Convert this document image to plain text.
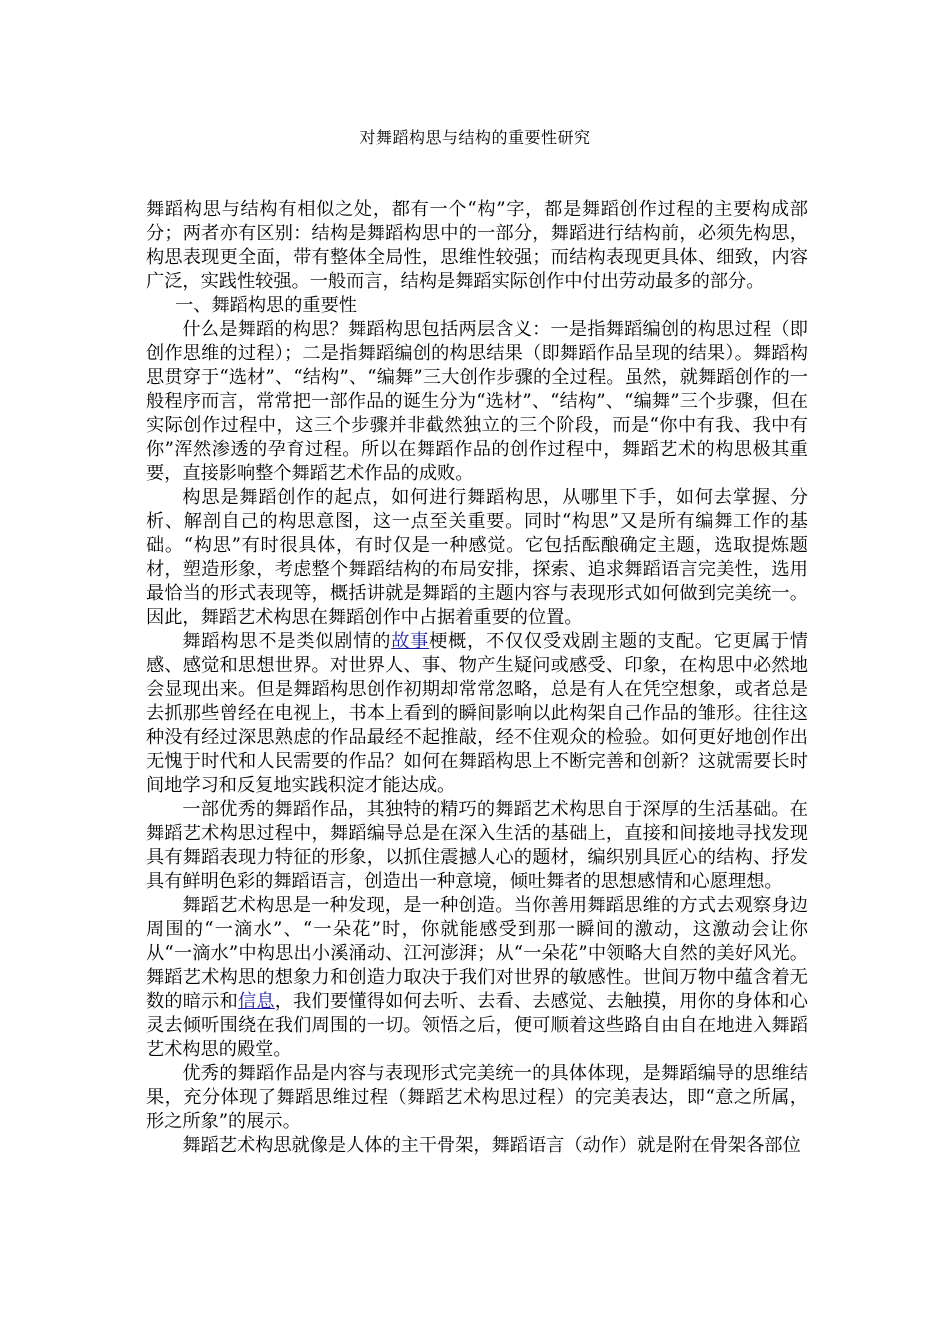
对舞蹈构思与结构的重要性研究

舞蹈构思与结构有相似之处，都有一个“构”字，都是舞蹈创作过程的主要构成部分；两者亦有区别：结构是舞蹈构思中的一部分，舞蹈进行结构前，必须先构思，构思表现更全面，带有整体全局性，思维性较强；而结构表现更具体、细致，内容广泛，实践性较强。一般而言，结构是舞蹈实际创作中付出劳动最多的部分。

一、舞蹈构思的重要性

什么是舞蹈的构思？舞蹈构思包括两层含义：一是指舞蹈编创的构思过程（即创作思维的过程）；二是指舞蹈编创的构思结果（即舞蹈作品呈现的结果）。舞蹈构思贯穿于“选材”、“结构”、“编舞”三大创作步骤的全过程。虽然，就舞蹈创作的一般程序而言，常常把一部作品的诞生分为“选材”、“结构”、“编舞”三个步骤，但在实际创作过程中，这三个步骤并非截然独立的三个阶段，而是“你中有我、我中有你”浑然渗透的孕育过程。所以在舞蹈作品的创作过程中，舞蹈艺术的构思极其重要，直接影响整个舞蹈艺术作品的成败。

构思是舞蹈创作的起点，如何进行舞蹈构思，从哪里下手，如何去掌握、分析、解剖自己的构思意图，这一点至关重要。同时“构思”又是所有编舞工作的基础。“构思”有时很具体，有时仅是一种感觉。它包括酝酿确定主题，选取提炼题材，塑造形象，考虑整个舞蹈结构的布局安排，探索、追求舞蹈语言完美性，选用最恰当的形式表现等，概括讲就是舞蹈的主题内容与表现形式如何做到完美统一。因此，舞蹈艺术构思在舞蹈创作中占据着重要的位置。

舞蹈构思不是类似剧情的故事梗概，不仅仅受戏剧主题的支配。它更属于情感、感觉和思想世界。对世界人、事、物产生疑问或感受、印象，在构思中必然地会显现出来。但是舞蹈构思创作初期却常常忽略，总是有人在凭空想象，或者总是去抓那些曾经在电视上，书本上看到的瞬间影响以此构架自己作品的雏形。往往这种没有经过深思熟虑的作品最经不起推敲，经不住观众的检验。如何更好地创作出无愧于时代和人民需要的作品？如何在舞蹈构思上不断完善和创新？这就需要长时间地学习和反复地实践积淀才能达成。

一部优秀的舞蹈作品，其独特的精巧的舞蹈艺术构思自于深厚的生活基础。在舞蹈艺术构思过程中，舞蹈编导总是在深入生活的基础上，直接和间接地寻找发现具有舞蹈表现力特征的形象，以抓住震撼人心的题材，编织别具匠心的结构、抒发具有鲜明色彩的舞蹈语言，创造出一种意境，倾吐舞者的思想感情和心愿理想。

舞蹈艺术构思是一种发现，是一种创造。当你善用舞蹈思维的方式去观察身边周围的“一滴水”、“一朵花”时，你就能感受到那一瞬间的激动，这激动会让你从“一滴水”中构思出小溪涌动、江河澎湃；从“一朵花”中领略大自然的美好风光。舞蹈艺术构思的想象力和创造力取决于我们对世界的敏感性。世间万物中蕴含着无数的暗示和信息，我们要懂得如何去听、去看、去感觉、去触摸，用你的身体和心灵去倾听围绕在我们周围的一切。领悟之后，便可顺着这些路自由自在地进入舞蹈艺术构思的殿堂。

优秀的舞蹈作品是内容与表现形式完美统一的具体体现，是舞蹈编导的思维结果，充分体现了舞蹈思维过程（舞蹈艺术构思过程）的完美表达，即“意之所属，形之所象”的展示。

舞蹈艺术构思就像是人体的主干骨架，舞蹈语言（动作）就是附在骨架各部位
